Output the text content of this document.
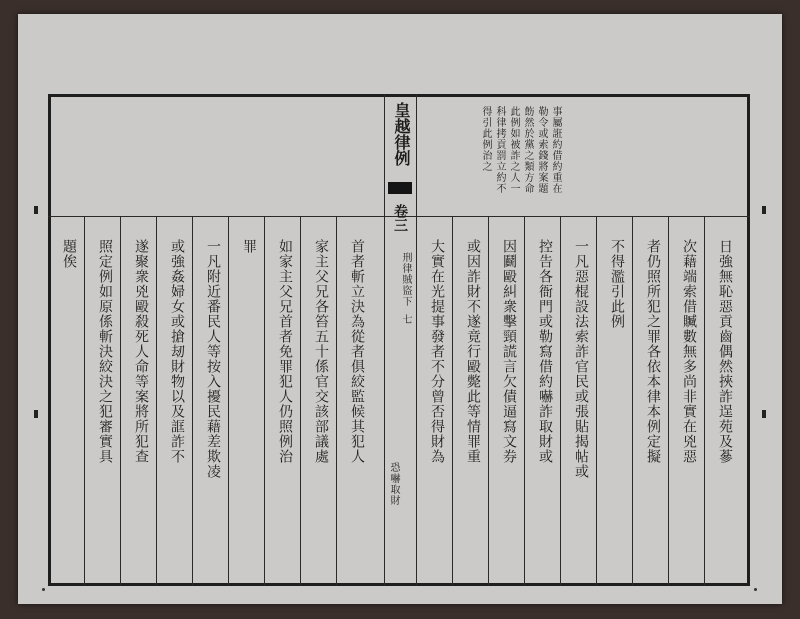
皇越律例
卷三
事屬誑約借約重在
勒令或索錢將案題
飭然於黨之類方命
此例如被詐之人一
科律拷貢罰立約不
得引此例治之
日強無恥惡貢齒偶然挾詐逞苑及蔘
次藉端索借贓數無多尚非實在兇惡
者仍照所犯之罪各依本律本例定擬
不得濫引此例
一凡惡棍設法索詐官民或張貼揭帖或
控告各衙門或勒寫借約嚇詐取財或
因鬬毆糾衆擊頸謊言欠債逼寫文券
或因詐財不遂竟行毆斃此等情罪重
大實在光提事發者不分曾否得財為
刑律賊盜下
七
恐嚇取財
首者斬立決為從者俱絞監候其犯人
家主父兄各笞五十係官交該部議處
如家主父兄首者免罪犯人仍照例治
罪
一凡附近番民人等按入擾民藉差欺凌
或強姦婦女或搶刼財物以及誆詐不
遂聚衆兇毆殺死人命等案將所犯查
照定例如原係斬決絞決之犯審實具
題俟
